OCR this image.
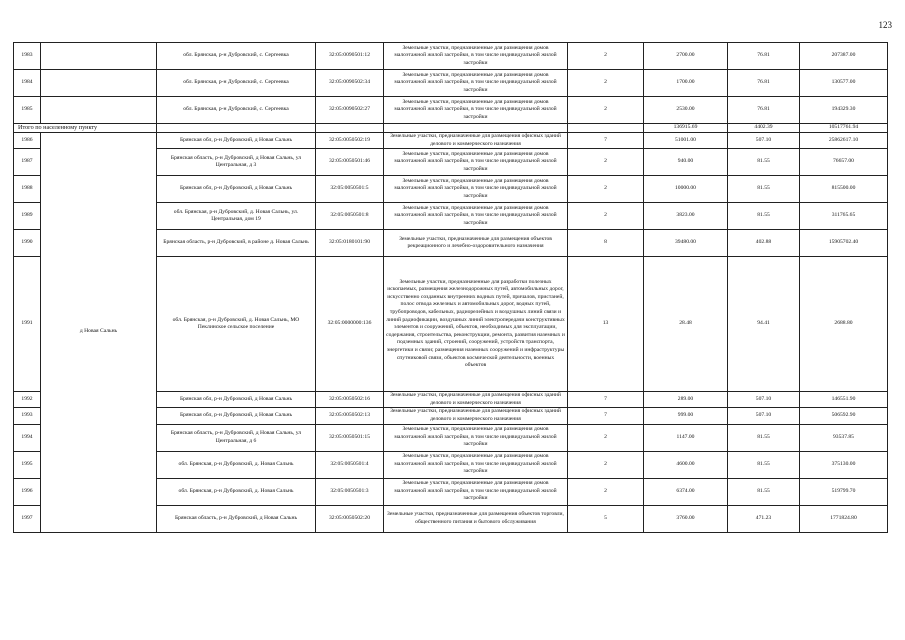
123
1983		обл. Брянская, р-н Дубровский, с. Сергеевка	32:05:0090501:12	Земельные участки, предназначенные для размещения домов малоэтажной жилой застройки, в том числе индивидуальной жилой застройки	2	2700.00	76.81	207387.00
1984		обл. Брянская, р-н Дубровский, с. Сергеевка	32:05:0090502:34	Земельные участки, предназначенные для размещения домов малоэтажной жилой застройки, в том числе индивидуальной жилой застройки	2	1700.00	76.81	130577.00
1985		обл. Брянская, р-н Дубровский, с. Сергеевка	32:05:0090502:27	Земельные участки, предназначенные для размещения домов малоэтажной жилой застройки, в том числе индивидуальной жилой застройки	2	2530.00	76.81	194329.30
Итого по населенному пункту						136915.69	4402.39	10517761.94
1986	д Новая Сальнь	Брянская обл, р-н Дубровский, д Новая Сальнь	32:05:0050502:19	Земельные участки, предназначенные для размещения офисных зданий делового и коммерческого назначения	7	51001.00	507.10	25862617.10
1987		Брянская область, р-н Дубровский, д Новая Сальнь, ул Центральная, д 3	32:05:0050501:46	Земельные участки, предназначенные для размещения домов малоэтажной жилой застройки, в том числе индивидуальной жилой застройки	2	940.00	81.55	76657.00
1988		Брянская обл, р-н Дубровский, д Новая Сальнь	32:05:0050501:5	Земельные участки, предназначенные для размещения домов малоэтажной жилой застройки, в том числе индивидуальной жилой застройки	2	10000.00	81.55	815500.00
1989		обл. Брянская, р-н Дубровский, д. Новая Сальнь, ул. Центральная, дом 19	32:05:0050501:8	Земельные участки, предназначенные для размещения домов малоэтажной жилой застройки, в том числе индивидуальной жилой застройки	2	3823.00	81.55	311765.65
1990		Брянская область, р-н Дубровский, в районе д. Новая Сальнь	32:05:0180101:90	Земельные участки, предназначенные для размещения объектов рекреационного и лечебно-оздоровительного назначения	8	39480.00	402.88	15905702.40
1991		обл. Брянская, р-н Дубровский, д. Новая Сальнь, МО Пеклинское сельское поселение	32:05:0000000:136	Земельные участки, предназначенные для разработки полезных ископаемых, размещения железнодорожных путей, автомобильных дорог, искусственно созданных внутренних водных путей, причалов, пристаней, полос отвода железных и автомобильных дорог, водных путей, трубопроводов, кабельных, радиорелейных и воздушных линий связи и линий радиофикации, воздушных линий электропередачи конструктивных элементов и сооружений, объектов, необходимых для эксплуатации, содержания, строительства, реконструкции, ремонта, развития наземных и подземных зданий, строений, сооружений, устройств транспорта, энергетики и связи; размещения наземных сооружений и инфраструктуры спутниковой связи, объектов космической деятельности, военных объектов	13	28.48	94.41	2688.80
1992		Брянская обл, р-н Дубровский, д Новая Сальнь	32:05:0050502:16	Земельные участки, предназначенные для размещения офисных зданий делового и коммерческого назначения	7	289.00	507.10	146551.90
1993		Брянская обл, р-н Дубровский, д Новая Сальнь	32:05:0050502:13	Земельные участки, предназначенные для размещения офисных зданий делового и коммерческого назначения	7	999.00	507.10	506592.90
1994		Брянская область, р-н Дубровский, д Новая Сальнь, ул Центральная, д 6	32:05:0050501:15	Земельные участки, предназначенные для размещения домов малоэтажной жилой застройки, в том числе индивидуальной жилой застройки	2	1147.00	81.55	93537.85
1995		обл. Брянская, р-н Дубровский, д. Новая Сальнь	32:05:0050501:4	Земельные участки, предназначенные для размещения домов малоэтажной жилой застройки, в том числе индивидуальной жилой застройки	2	4600.00	81.55	375130.00
1996		обл. Брянская, р-н Дубровский, д. Новая Сальнь	32:05:0050501:3	Земельные участки, предназначенные для размещения домов малоэтажной жилой застройки, в том числе индивидуальной жилой застройки	2	6374.00	81.55	519799.70
1997		Брянская область, р-н Дубровский, д Новая Сальнь	32:05:0050502:20	Земельные участки, предназначенные для размещения объектов торговли, общественного питания и бытового обслуживания	5	3760.00	471.23	1771824.80
